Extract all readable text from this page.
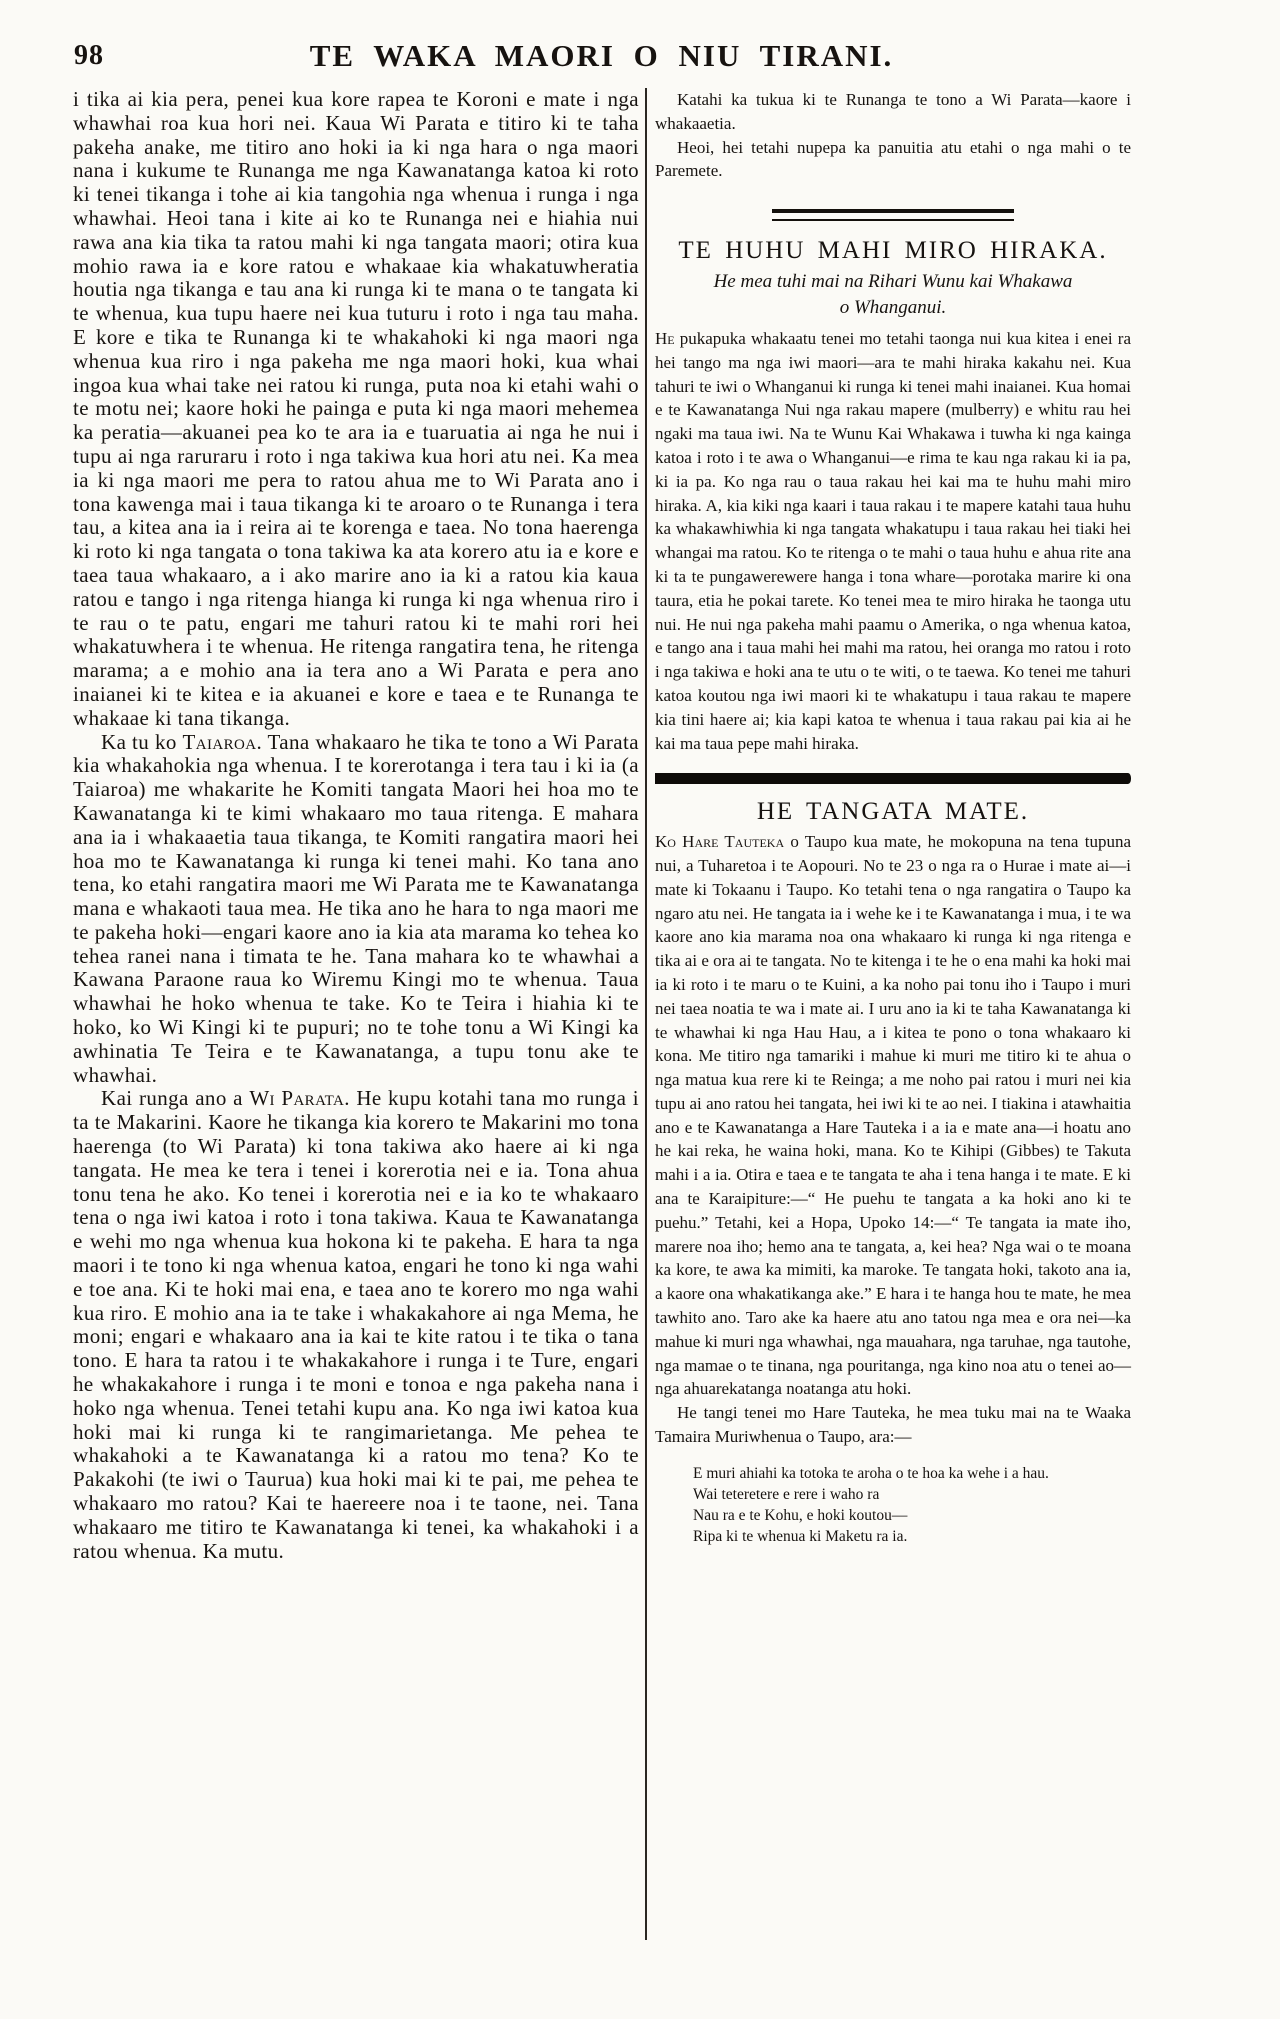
98	TE WAKA MAORI O NIU TIRANI.

i tika ai kia pera, penei kua kore rapea te Koroni e mate i nga whawhai roa kua hori nei. Kaua Wi Parata e titiro ki te taha pakeha anake, me titiro ano hoki ia ki nga hara o nga maori nana i kukume te Runanga me nga Kawanatanga katoa ki roto ki tenei tikanga i tohe ai kia tangohia nga whenua i runga i nga whawhai. Heoi tana i kite ai ko te Runanga nei e hiahia nui rawa ana kia tika ta ratou mahi ki nga tangata maori; otira kua mohio rawa ia e kore ratou e whakaae kia whakatuwheratia houtia nga tikanga e tau ana ki runga ki te mana o te tangata ki te whenua, kua tupu haere nei kua tuturu i roto i nga tau maha. E kore e tika te Runanga ki te whakahoki ki nga maori nga whenua kua riro i nga pakeha me nga maori hoki, kua whai ingoa kua whai take nei ratou ki runga, puta noa ki etahi wahi o te motu nei; kaore hoki he painga e puta ki nga maori mehemea ka peratia—akuanei pea ko te ara ia e tuaruatia ai nga he nui i tupu ai nga raruraru i roto i nga takiwa kua hori atu nei. Ka mea ia ki nga maori me pera to ratou ahua me to Wi Parata ano i tona kawenga mai i taua tikanga ki te aroaro o te Runanga i tera tau, a kitea ana ia i reira ai te korenga e taea. No tona haerenga ki roto ki nga tangata o tona takiwa ka ata korero atu ia e kore e taea taua whakaaro, a i ako marire ano ia ki a ratou kia kaua ratou e tango i nga ritenga hianga ki runga ki nga whenua riro i te rau o te patu, engari me tahuri ratou ki te mahi rori hei whakatuwhera i te whenua. He ritenga rangatira tena, he ritenga marama; a e mohio ana ia tera ano a Wi Parata e pera ano inaianei ki te kitea e ia akuanei e kore e taea e te Runanga te whakaae ki tana tikanga.

Ka tu ko Taiaroa. Tana whakaaro he tika te tono a Wi Parata kia whakahokia nga whenua. I te korerotanga i tera tau i ki ia (a Taiaroa) me whakarite he Komiti tangata Maori hei hoa mo te Kawanatanga ki te kimi whakaaro mo taua ritenga. E mahara ana ia i whakaaetia taua tikanga, te Komiti rangatira maori hei hoa mo te Kawanatanga ki runga ki tenei mahi. Ko tana ano tena, ko etahi rangatira maori me Wi Parata me te Kawanatanga mana e whakaoti taua mea. He tika ano he hara to nga maori me te pakeha hoki—engari kaore ano ia kia ata marama ko tehea ko tehea ranei nana i timata te he. Tana mahara ko te whawhai a Kawana Paraone raua ko Wiremu Kingi mo te whenua. Taua whawhai he hoko whenua te take. Ko te Teira i hiahia ki te hoko, ko Wi Kingi ki te pupuri; no te tohe tonu a Wi Kingi ka awhinatia Te Teira e te Kawanatanga, a tupu tonu ake te whawhai.

Kai runga ano a Wi Parata. He kupu kotahi tana mo runga i ta te Makarini. Kaore he tikanga kia korero te Makarini mo tona haerenga (to Wi Parata) ki tona takiwa ako haere ai ki nga tangata. He mea ke tera i tenei i korerotia nei e ia. Tona ahua tonu tena he ako. Ko tenei i korerotia nei e ia ko te whakaaro tena o nga iwi katoa i roto i tona takiwa. Kaua te Kawanatanga e wehi mo nga whenua kua hokona ki te pakeha. E hara ta nga maori i te tono ki nga whenua katoa, engari he tono ki nga wahi e toe ana. Ki te hoki mai ena, e taea ano te korero mo nga wahi kua riro. E mohio ana ia te take i whakakahore ai nga Mema, he moni; engari e whakaaro ana ia kai te kite ratou i te tika o tana tono. E hara ta ratou i te whakakahore i runga i te Ture, engari he whakakahore i runga i te moni e tonoa e nga pakeha nana i hoko nga whenua. Tenei tetahi kupu ana. Ko nga iwi katoa kua hoki mai ki runga ki te rangimarietanga. Me pehea te whakahoki a te Kawanatanga ki a ratou mo tena? Ko te Pakakohi (te iwi o Taurua) kua hoki mai ki te pai, me pehea te whakaaro mo ratou? Kai te haereere noa i te taone, nei. Tana whakaaro me titiro te Kawanatanga ki tenei, ka whakahoki i a ratou whenua. Ka mutu.

Katahi ka tukua ki te Runanga te tono a Wi Parata—kaore i whakaaetia.

Heoi, hei tetahi nupepa ka panuitia atu etahi o nga mahi o te Paremete.

TE HUHU MAHI MIRO HIRAKA.

He mea tuhi mai na Rihari Wunu kai Whakawa
o Whanganui.

He pukapuka whakaatu tenei mo tetahi taonga nui kua kitea i enei ra hei tango ma nga iwi maori—ara te mahi hiraka kakahu nei. Kua tahuri te iwi o Whanganui ki runga ki tenei mahi inaianei. Kua homai e te Kawanatanga Nui nga rakau mapere (mulberry) e whitu rau hei ngaki ma taua iwi. Na te Wunu Kai Whakawa i tuwha ki nga kainga katoa i roto i te awa o Whanganui—e rima te kau nga rakau ki ia pa, ki ia pa. Ko nga rau o taua rakau hei kai ma te huhu mahi miro hiraka. A, kia kiki nga kaari i taua rakau i te mapere katahi taua huhu ka whakawhiwhia ki nga tangata whakatupu i taua rakau hei tiaki hei whangai ma ratou. Ko te ritenga o te mahi o taua huhu e ahua rite ana ki ta te pungawerewere hanga i tona whare—porotaka marire ki ona taura, etia he pokai tarete. Ko tenei mea te miro hiraka he taonga utu nui. He nui nga pakeha mahi paamu o Amerika, o nga whenua katoa, e tango ana i taua mahi hei mahi ma ratou, hei oranga mo ratou i roto i nga takiwa e hoki ana te utu o te witi, o te taewa. Ko tenei me tahuri katoa koutou nga iwi maori ki te whakatupu i taua rakau te mapere kia tini haere ai; kia kapi katoa te whenua i taua rakau pai kia ai he kai ma taua pepe mahi hiraka.

HE TANGATA MATE.

Ko Hare Tauteka o Taupo kua mate, he mokopuna na tena tupuna nui, a Tuharetoa i te Aopouri. No te 23 o nga ra o Hurae i mate ai—i mate ki Tokaanu i Taupo. Ko tetahi tena o nga rangatira o Taupo ka ngaro atu nei. He tangata ia i wehe ke i te Kawanatanga i mua, i te wa kaore ano kia marama noa ona whakaaro ki runga ki nga ritenga e tika ai e ora ai te tangata. No te kitenga i te he o ena mahi ka hoki mai ia ki roto i te maru o te Kuini, a ka noho pai tonu iho i Taupo i muri nei taea noatia te wa i mate ai. I uru ano ia ki te taha Kawanatanga ki te whawhai ki nga Hau Hau, a i kitea te pono o tona whakaaro ki kona. Me titiro nga tamariki i mahue ki muri me titiro ki te ahua o nga matua kua rere ki te Reinga; a me noho pai ratou i muri nei kia tupu ai ano ratou hei tangata, hei iwi ki te ao nei. I tiakina i atawhaitia ano e te Kawanatanga a Hare Tauteka i a ia e mate ana—i hoatu ano he kai reka, he waina hoki, mana. Ko te Kihipi (Gibbes) te Takuta mahi i a ia. Otira e taea e te tangata te aha i tena hanga i te mate. E ki ana te Karaipiture:—“ He puehu te tangata a ka hoki ano ki te puehu.” Tetahi, kei a Hopa, Upoko 14:—“ Te tangata ia mate iho, marere noa iho; hemo ana te tangata, a, kei hea? Nga wai o te moana ka kore, te awa ka mimiti, ka maroke. Te tangata hoki, takoto ana ia, a kaore ona whakatikanga ake.” E hara i te hanga hou te mate, he mea tawhito ano. Taro ake ka haere atu ano tatou nga mea e ora nei—ka mahue ki muri nga whawhai, nga mauahara, nga taruhae, nga tautohe, nga mamae o te tinana, nga pouritanga, nga kino noa atu o tenei ao—nga ahuarekatanga noatanga atu hoki.

He tangi tenei mo Hare Tauteka, he mea tuku mai na te Waaka Tamaira Muriwhenua o Taupo, ara:—

E muri ahiahi ka totoka te aroha o te hoa ka wehe i a hau.
Wai teteretere e rere i waho ra
Nau ra e te Kohu, e hoki koutou—
Ripa ki te whenua ki Maketu ra ia.
